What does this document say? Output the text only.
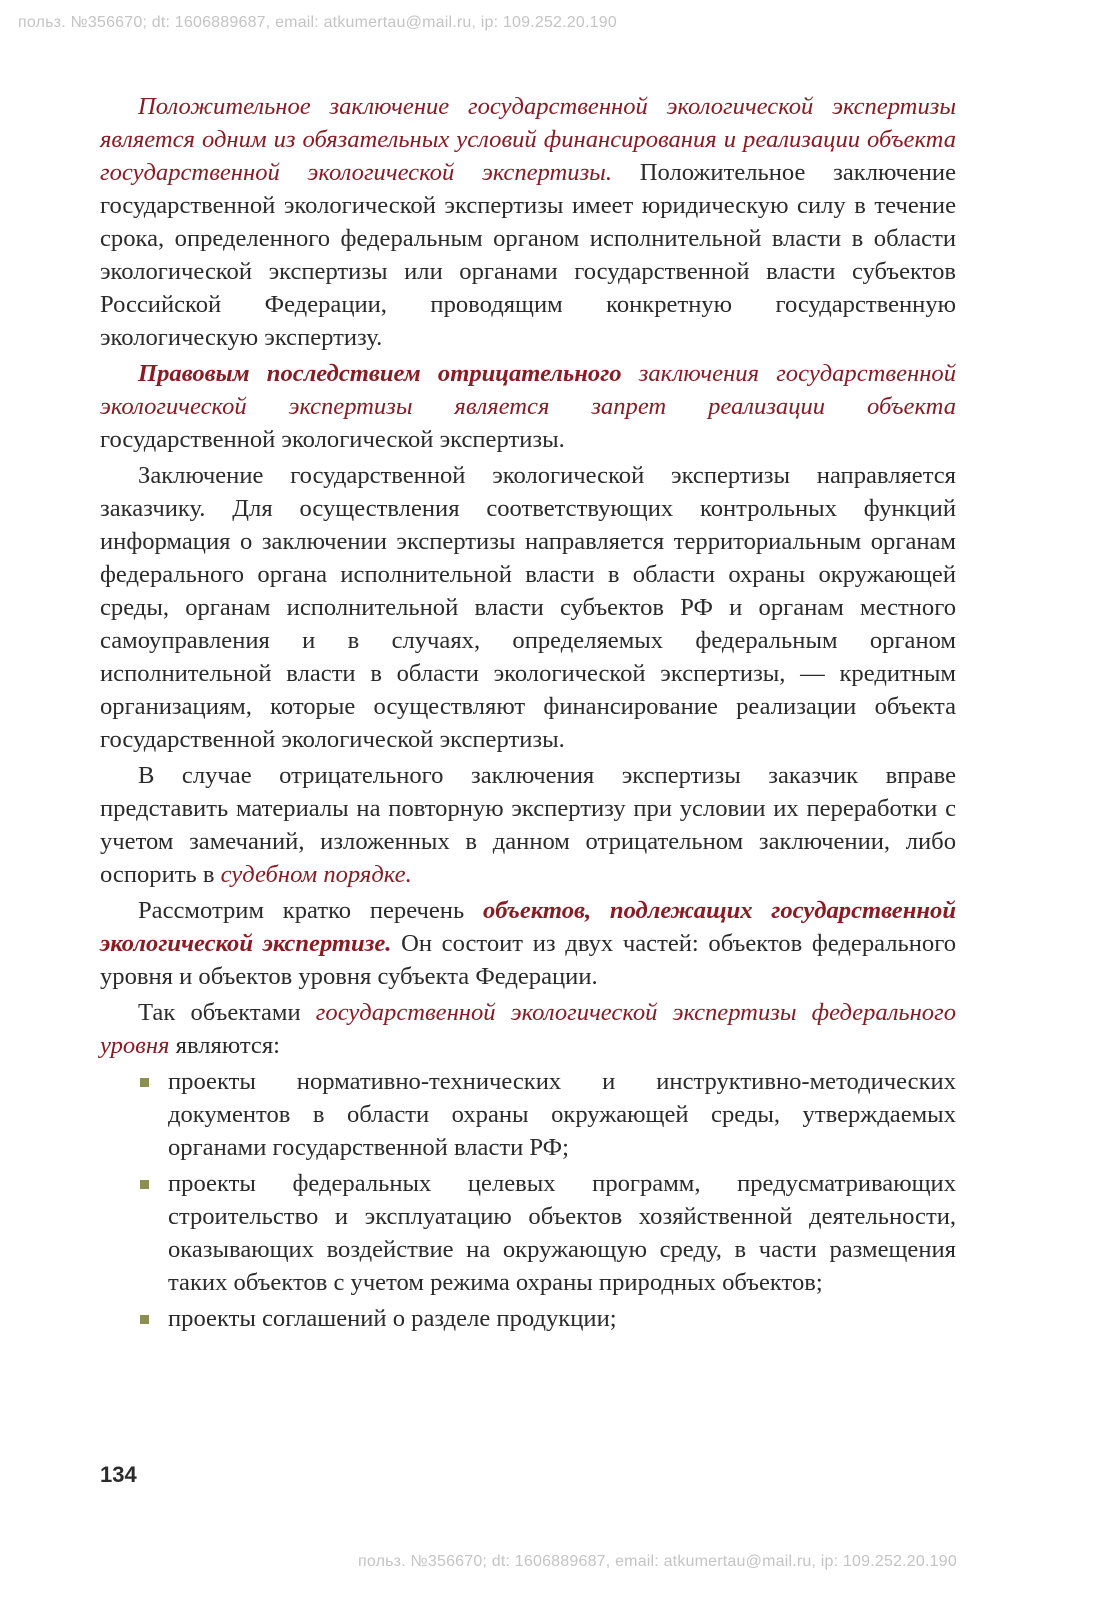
польз. №356670; dt: 1606889687, email: atkumertau@mail.ru, ip: 109.252.20.190

Положительное заключение государственной экологической экспертизы является одним из обязательных условий финансирования и реализации объекта государственной экологической экспертизы. Положительное заключение государственной экологической экспертизы имеет юридическую силу в течение срока, определенного федеральным органом исполнительной власти в области экологической экспертизы или органами государственной власти субъектов Российской Федерации, проводящим конкретную государственную экологическую экспертизу.

Правовым последствием отрицательного заключения государственной экологической экспертизы является запрет реализации объекта государственной экологической экспертизы.

Заключение государственной экологической экспертизы направляется заказчику. Для осуществления соответствующих контрольных функций информация о заключении экспертизы направляется территориальным органам федерального органа исполнительной власти в области охраны окружающей среды, органам исполнительной власти субъектов РФ и органам местного самоуправления и в случаях, определяемых федеральным органом исполнительной власти в области экологической экспертизы, — кредитным организациям, которые осуществляют финансирование реализации объекта государственной экологической экспертизы.

В случае отрицательного заключения экспертизы заказчик вправе представить материалы на повторную экспертизу при условии их переработки с учетом замечаний, изложенных в данном отрицательном заключении, либо оспорить в судебном порядке.

Рассмотрим кратко перечень объектов, подлежащих государственной экологической экспертизе. Он состоит из двух частей: объектов федерального уровня и объектов уровня субъекта Федерации.

Так объектами государственной экологической экспертизы федерального уровня являются:

проекты нормативно-технических и инструктивно-методических документов в области охраны окружающей среды, утверждаемых органами государственной власти РФ;
проекты федеральных целевых программ, предусматривающих строительство и эксплуатацию объектов хозяйственной деятельности, оказывающих воздействие на окружающую среду, в части размещения таких объектов с учетом режима охраны природных объектов;
проекты соглашений о разделе продукции;
134
польз. №356670; dt: 1606889687, email: atkumertau@mail.ru, ip: 109.252.20.190
